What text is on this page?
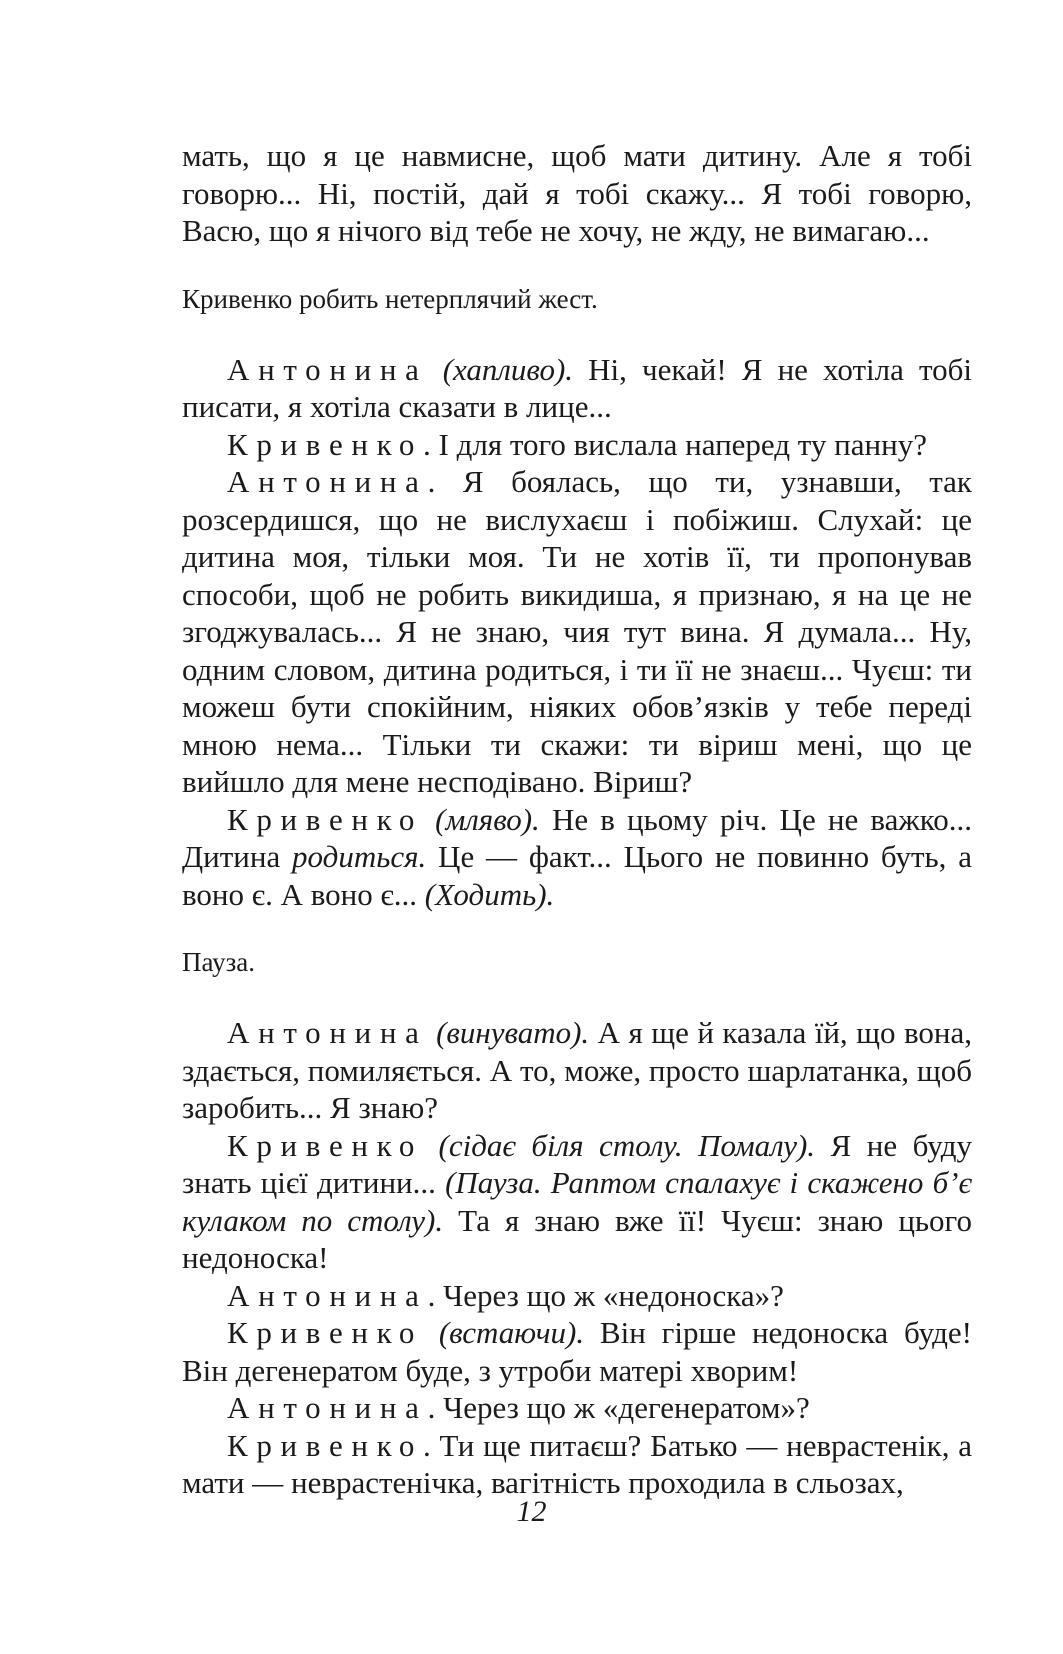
мать, що я це навмисне, щоб мати дитину. Але я тобі говорю... Ні, постій, дай я тобі скажу... Я тобі говорю, Васю, що я нічого від тебе не хочу, не жду, не вимагаю...

Кривенко робить нетерплячий жест.

Антонина (хапливо). Ні, чекай! Я не хотіла тобі писати, я хотіла сказати в лице...

Кривенко. І для того вислала наперед ту панну?

Антонина. Я боялась, що ти, узнавши, так розсердишся, що не вислухаєш і побіжиш. Слухай: це дитина моя, тільки моя. Ти не хотів її, ти пропонував способи, щоб не робить викидиша, я признаю, я на це не згоджувалась... Я не знаю, чия тут вина. Я думала... Ну, одним словом, дитина родиться, і ти її не знаєш... Чуєш: ти можеш бути спокійним, ніяких обов’язків у тебе переді мною нема... Тільки ти скажи: ти віриш мені, що це вийшло для мене несподівано. Віриш?

Кривенко (мляво). Не в цьому річ. Це не важко... Дитина родиться. Це — факт... Цього не повинно буть, а воно є. А воно є... (Ходить).

Пауза.

Антонина (винувато). А я ще й казала їй, що вона, здається, помиляється. А то, може, просто шарлатанка, щоб заробить... Я знаю?

Кривенко (сідає біля столу. Помалу). Я не буду знать цієї дитини... (Пауза. Раптом спалахує і скажено б’є кулаком по столу). Та я знаю вже її! Чуєш: знаю цього недоноска!

Антонина. Через що ж «недоноска»?

Кривенко (встаючи). Він гірше недоноска буде! Він дегенератом буде, з утроби матері хворим!

Антонина. Через що ж «дегенератом»?

Кривенко. Ти ще питаєш? Батько — неврастенік, а мати — неврастенічка, вагітність проходила в сльозах,

12
